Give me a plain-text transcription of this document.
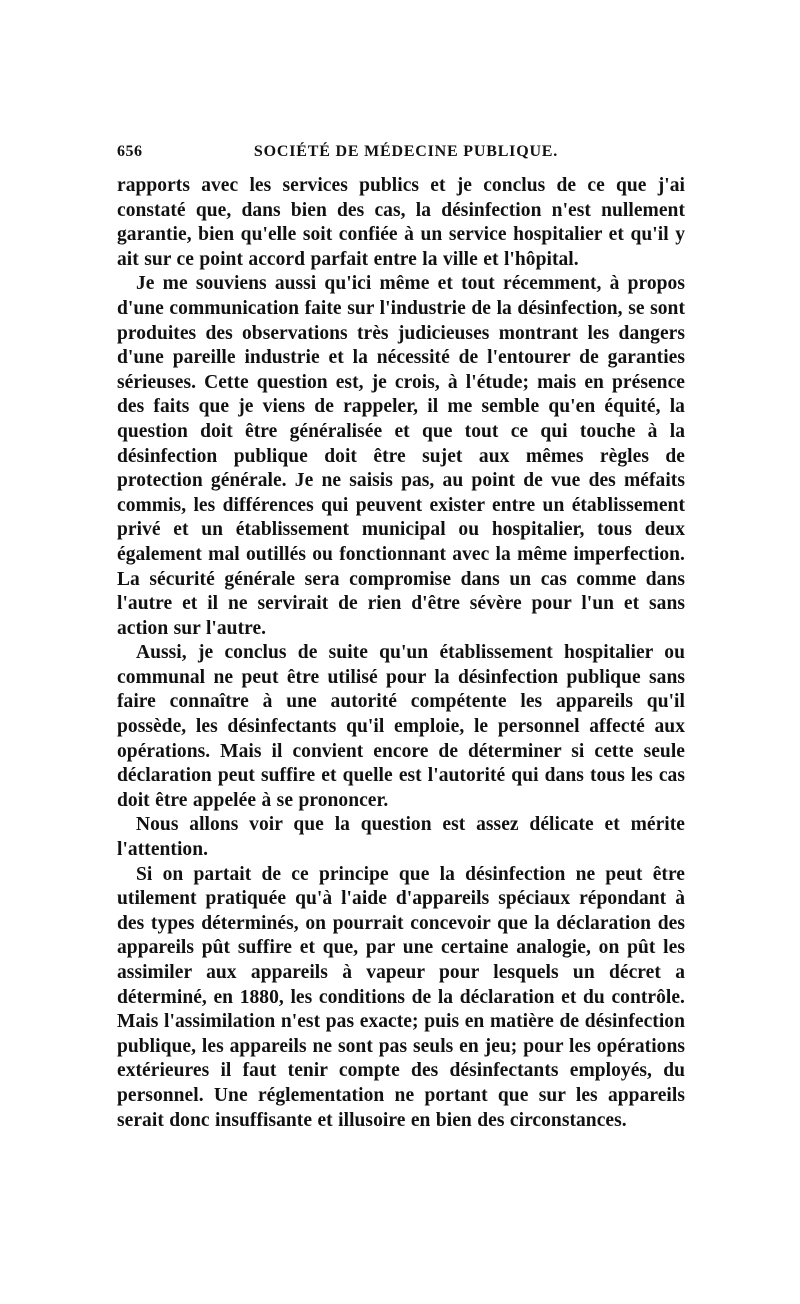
656	SOCIÉTÉ DE MÉDECINE PUBLIQUE.

rapports avec les services publics et je conclus de ce que j'ai constaté que, dans bien des cas, la désinfection n'est nullement garantie, bien qu'elle soit confiée à un service hospitalier et qu'il y ait sur ce point accord parfait entre la ville et l'hôpital.

Je me souviens aussi qu'ici même et tout récemment, à propos d'une communication faite sur l'industrie de la désinfection, se sont produites des observations très judicieuses montrant les dangers d'une pareille industrie et la nécessité de l'entourer de garanties sérieuses. Cette question est, je crois, à l'étude; mais en présence des faits que je viens de rappeler, il me semble qu'en équité, la question doit être généralisée et que tout ce qui touche à la désinfection publique doit être sujet aux mêmes règles de protection générale. Je ne saisis pas, au point de vue des méfaits commis, les différences qui peuvent exister entre un établissement privé et un établissement municipal ou hospitalier, tous deux également mal outillés ou fonctionnant avec la même imperfection. La sécurité générale sera compromise dans un cas comme dans l'autre et il ne servirait de rien d'être sévère pour l'un et sans action sur l'autre.

Aussi, je conclus de suite qu'un établissement hospitalier ou communal ne peut être utilisé pour la désinfection publique sans faire connaître à une autorité compétente les appareils qu'il possède, les désinfectants qu'il emploie, le personnel affecté aux opérations. Mais il convient encore de déterminer si cette seule déclaration peut suffire et quelle est l'autorité qui dans tous les cas doit être appelée à se prononcer.

Nous allons voir que la question est assez délicate et mérite l'attention.

Si on partait de ce principe que la désinfection ne peut être utilement pratiquée qu'à l'aide d'appareils spéciaux répondant à des types déterminés, on pourrait concevoir que la déclaration des appareils pût suffire et que, par une certaine analogie, on pût les assimiler aux appareils à vapeur pour lesquels un décret a déterminé, en 1880, les conditions de la déclaration et du contrôle. Mais l'assimilation n'est pas exacte; puis en matière de désinfection publique, les appareils ne sont pas seuls en jeu; pour les opérations extérieures il faut tenir compte des désinfectants employés, du personnel. Une réglementation ne portant que sur les appareils serait donc insuffisante et illusoire en bien des circonstances.
